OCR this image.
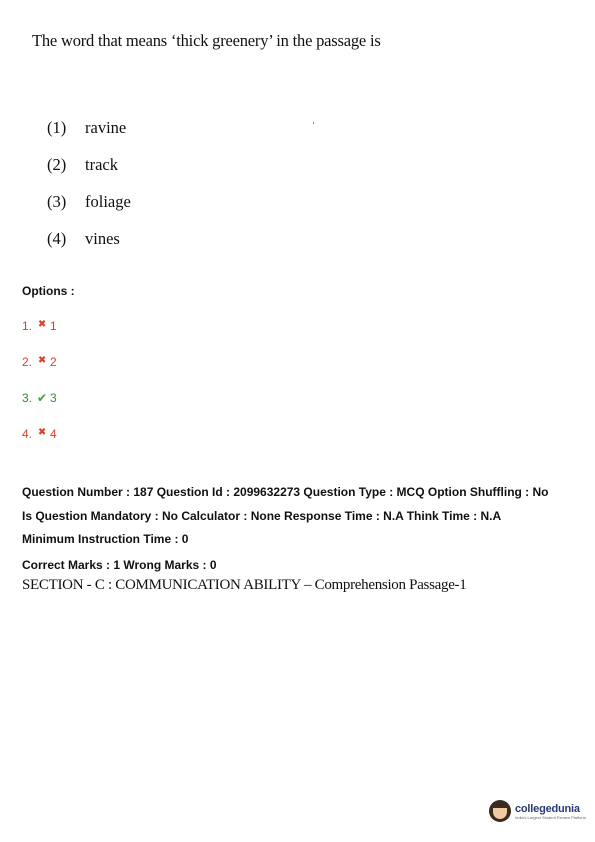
The word that means ‘thick greenery’ in the passage is
(1)	ravine
(2)	track
(3)	foliage
(4)	vines
Options :
1. ✖ 1
2. ✖ 2
3. ✔ 3
4. ✖ 4

Question Number : 187 Question Id : 2099632273 Question Type : MCQ Option Shuffling : No

Is Question Mandatory : No Calculator : None Response Time : N.A Think Time : N.A

Minimum Instruction Time : 0

Correct Marks : 1 Wrong Marks : 0

SECTION - C : COMMUNICATION ABILITY – Comprehension Passage-1
collegedunia
India's Largest Student Review Platform
